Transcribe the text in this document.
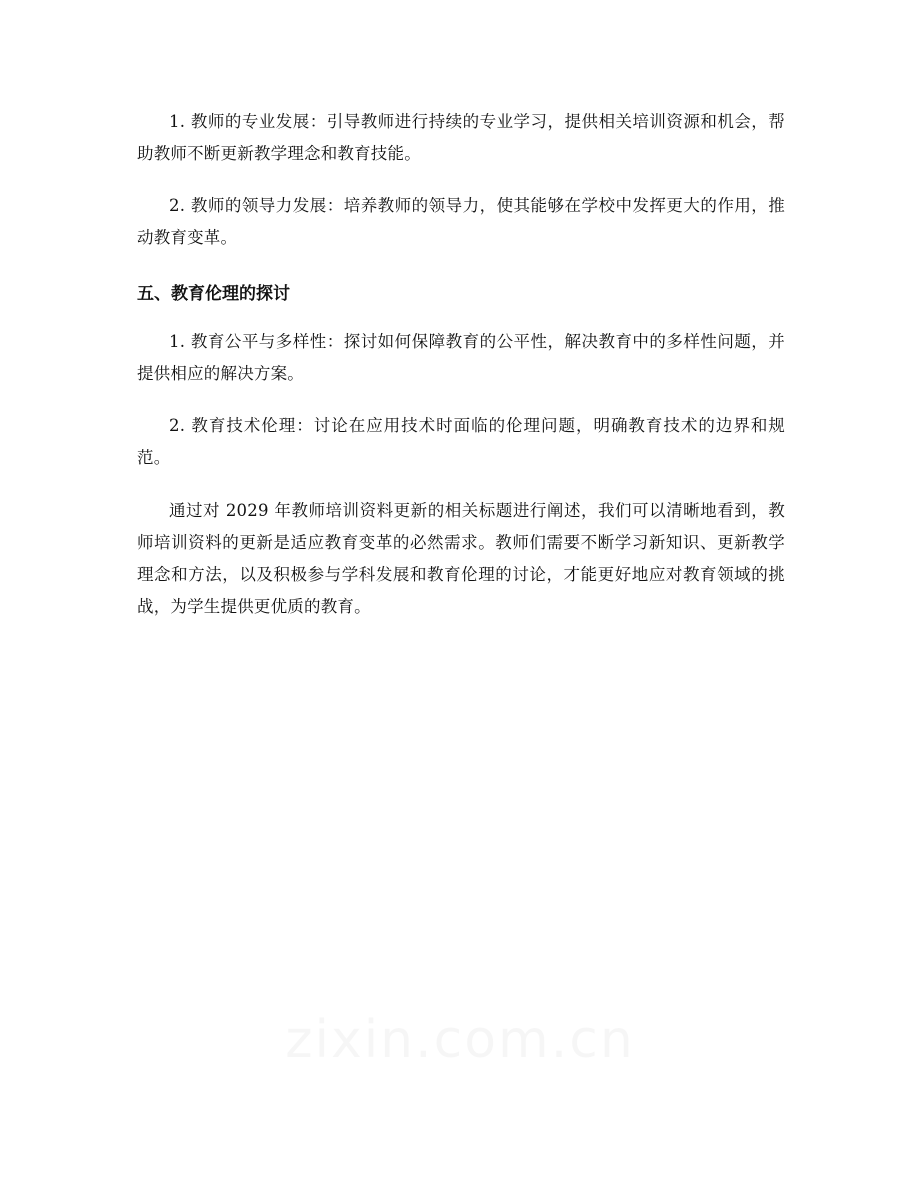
1. 教师的专业发展：引导教师进行持续的专业学习，提供相关培训资源和机会，帮助教师不断更新教学理念和教育技能。

2. 教师的领导力发展：培养教师的领导力，使其能够在学校中发挥更大的作用，推动教育变革。

五、教育伦理的探讨

1. 教育公平与多样性：探讨如何保障教育的公平性，解决教育中的多样性问题，并提供相应的解决方案。

2. 教育技术伦理：讨论在应用技术时面临的伦理问题，明确教育技术的边界和规范。

通过对 2029 年教师培训资料更新的相关标题进行阐述，我们可以清晰地看到，教师培训资料的更新是适应教育变革的必然需求。教师们需要不断学习新知识、更新教学理念和方法，以及积极参与学科发展和教育伦理的讨论，才能更好地应对教育领域的挑战，为学生提供更优质的教育。
